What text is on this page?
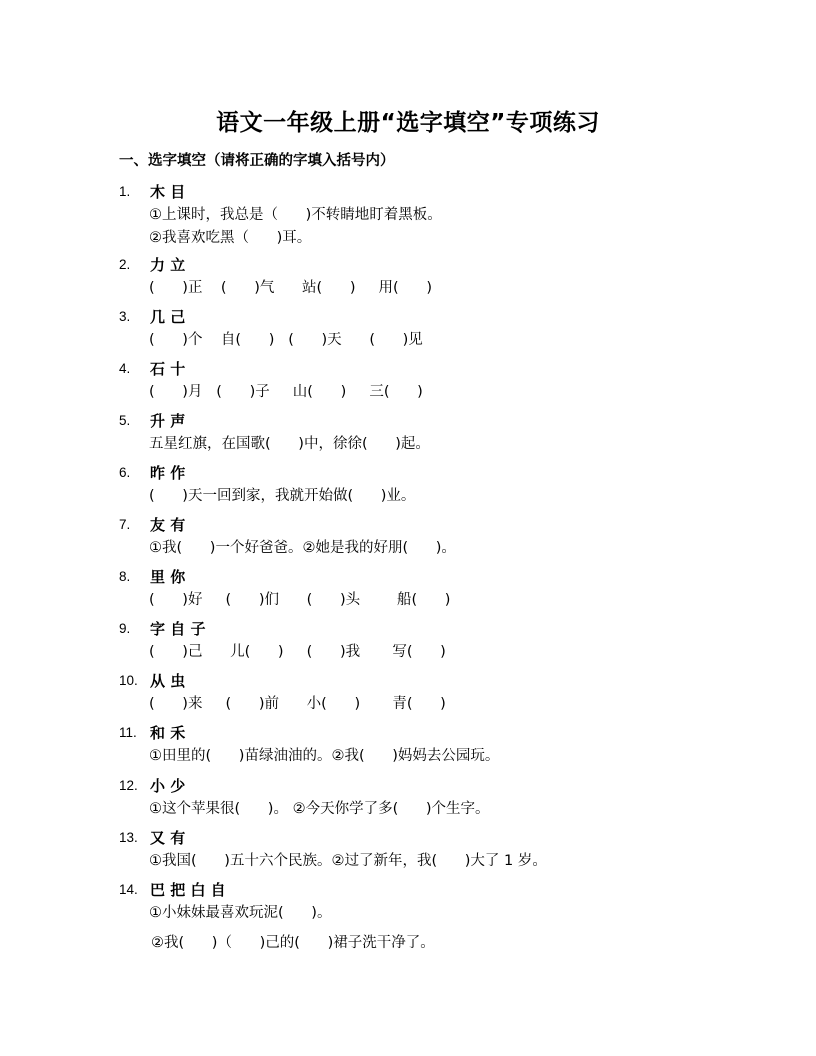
语文一年级上册“选字填空”专项练习
一、选字填空（请将正确的字填入括号内）
1. 木 目
①上课时，我总是（      )不转睛地盯着黑板。
②我喜欢吃黑（      )耳。
2. 力 立
(      )正    (      )气      站(      )     用(      )
3. 几 己
(      )个    自(      )   (      )天      (      )见
4. 石 十
(      )月   (      )子     山(      )     三(      )
5. 升 声
五星红旗，在国歌(      )中，徐徐(      )起。
6. 昨 作
(      )天一回到家，我就开始做(      )业。
7. 友 有
①我(      )一个好爸爸。②她是我的好朋(      )。
8. 里 你
(      )好     (      )们      (      )头        船(      )
9. 字 自 子
(      )己      儿(      )     (      )我       写(      )
10. 从 虫
(      )来     (      )前      小(      )       青(      )
11. 和 禾
①田里的(      )苗绿油油的。②我(      )妈妈去公园玩。
12. 小 少
①这个苹果很(      )。 ②今天你学了多(      )个生字。
13. 又 有
①我国(      )五十六个民族。②过了新年，我(      )大了 1 岁。
14. 巴 把 白 自
①小妹妹最喜欢玩泥(      )。
②我(      )（      )己的(      )裙子洗干净了。
